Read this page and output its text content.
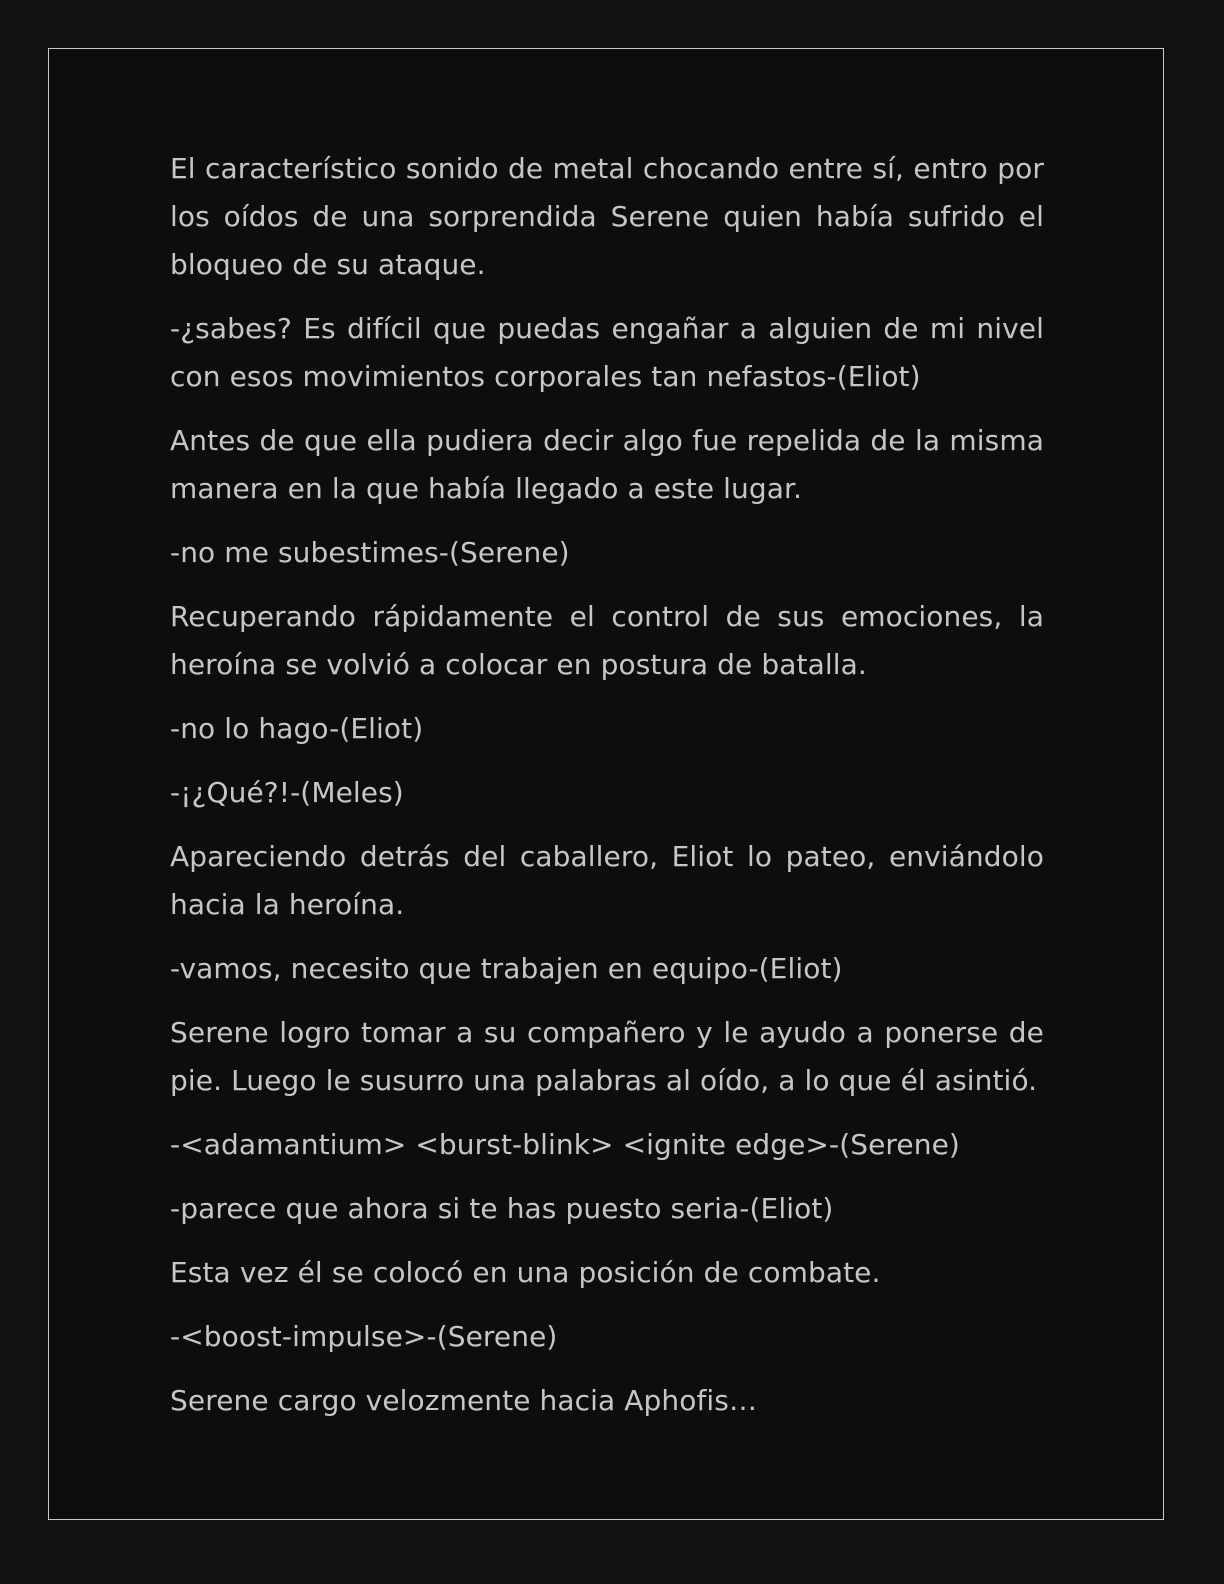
El característico sonido de metal chocando entre sí, entro por los oídos de una sorprendida Serene quien había sufrido el bloqueo de su ataque.

-¿sabes? Es difícil que puedas engañar a alguien de mi nivel con esos movimientos corporales tan nefastos-(Eliot)

Antes de que ella pudiera decir algo fue repelida de la misma manera en la que había llegado a este lugar.

-no me subestimes-(Serene)

Recuperando rápidamente el control de sus emociones, la heroína se volvió a colocar en postura de batalla.

-no lo hago-(Eliot)

-¡¿Qué?!-(Meles)

Apareciendo detrás del caballero, Eliot lo pateo, enviándolo hacia la heroína.

-vamos, necesito que trabajen en equipo-(Eliot)

Serene logro tomar a su compañero y le ayudo a ponerse de pie. Luego le susurro una palabras al oído, a lo que él asintió.

-<adamantium> <burst-blink> <ignite edge>-(Serene)

-parece que ahora si te has puesto seria-(Eliot)

Esta vez él se colocó en una posición de combate.

-<boost-impulse>-(Serene)

Serene cargo velozmente hacia Aphofis…
